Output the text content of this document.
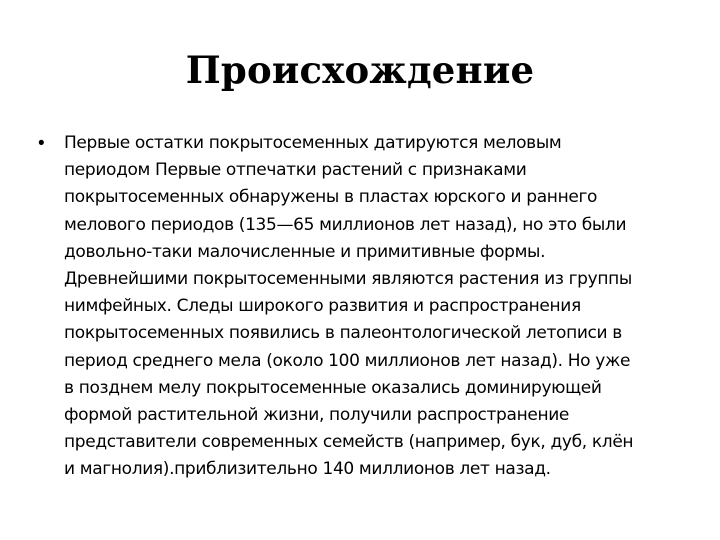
Происхождение
•	Первые остатки покрытосеменных датируются меловым
периодом Первые отпечатки растений с признаками
покрытосеменных обнаружены в пластах юрского и раннего
мелового периодов (135—65 миллионов лет назад), но это были
довольно-таки малочисленные и примитивные формы.
Древнейшими покрытосеменными являются растения из группы
нимфейных. Следы широкого развития и распространения
покрытосеменных появились в палеонтологической летописи в
период среднего мела (около 100 миллионов лет назад). Но уже
в позднем мелу покрытосеменные оказались доминирующей
формой растительной жизни, получили распространение
представители современных семейств (например, бук, дуб, клён
и магнолия).приблизительно 140 миллионов лет назад.
